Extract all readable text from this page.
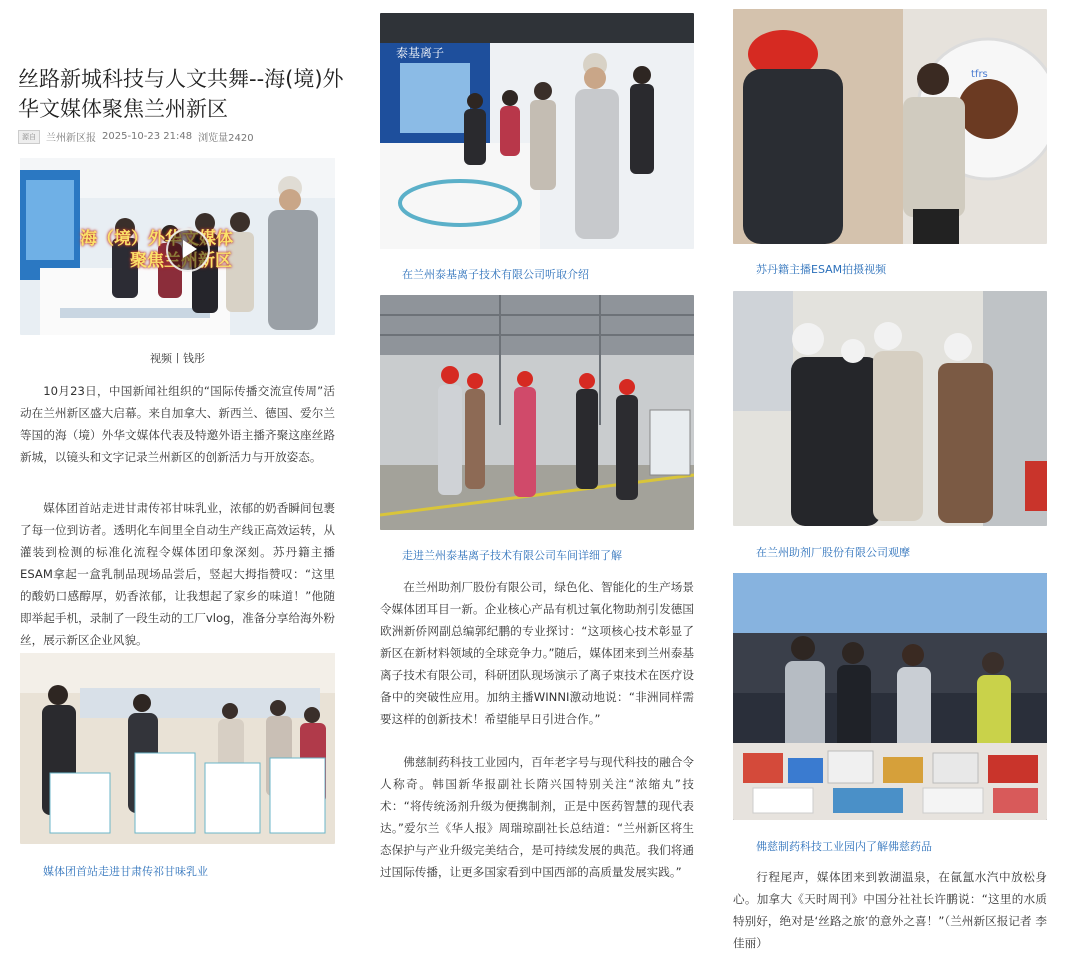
丝路新城科技与人文共舞--海(境)外华文媒体聚焦兰州新区
源自	兰州新区报 2025-10-23 21:48 浏览量2420
海（境）外华文媒体
聚焦兰州新区
视频丨钱彤

10月23日，中国新闻社组织的“国际传播交流宣传周”活动在兰州新区盛大启幕。来自加拿大、新西兰、德国、爱尔兰等国的海（境）外华文媒体代表及特邀外语主播齐聚这座丝路新城，以镜头和文字记录兰州新区的创新活力与开放姿态。

媒体团首站走进甘肃传祁甘味乳业，浓郁的奶香瞬间包裹了每一位到访者。透明化车间里全自动生产线正高效运转，从灌装到检测的标准化流程令媒体团印象深刻。苏丹籍主播ESAM拿起一盒乳制品现场品尝后，竖起大拇指赞叹：“这里的酸奶口感醇厚，奶香浓郁，让我想起了家乡的味道！”他随即举起手机，录制了一段生动的工厂vlog，准备分享给海外粉丝，展示新区企业风貌。

媒体团首站走进甘肃传祁甘味乳业
泰基离子
在兰州泰基离子技术有限公司听取介绍
走进兰州泰基离子技术有限公司车间详细了解

在兰州助剂厂股份有限公司，绿色化、智能化的生产场景令媒体团耳目一新。企业核心产品有机过氧化物助剂引发德国欧洲新侨网副总编郭纪鹏的专业探讨：“这项核心技术彰显了新区在新材料领域的全球竞争力。”随后，媒体团来到兰州泰基离子技术有限公司，科研团队现场演示了离子束技术在医疗设备中的突破性应用。加纳主播WINNI激动地说：“非洲同样需要这样的创新技术！希望能早日引进合作。”

佛慈制药科技工业园内，百年老字号与现代科技的融合令人称奇。韩国新华报副社长隋兴国特别关注“浓缩丸”技术：“将传统汤剂升级为便携制剂，正是中医药智慧的现代表达。”爱尔兰《华人报》周瑞琼副社长总结道：“兰州新区将生态保护与产业升级完美结合，是可持续发展的典范。我们将通过国际传播，让更多国家看到中国西部的高质量发展实践。”

tfrs
苏丹籍主播ESAM拍摄视频
在兰州助剂厂股份有限公司观摩
佛慈制药科技工业园内了解佛慈药品

行程尾声，媒体团来到敦湖温泉，在氤氲水汽中放松身心。加拿大《天时周刊》中国分社社长许鹏说：“这里的水质特别好，绝对是‘丝路之旅’的意外之喜！”（兰州新区报记者 李佳丽）
